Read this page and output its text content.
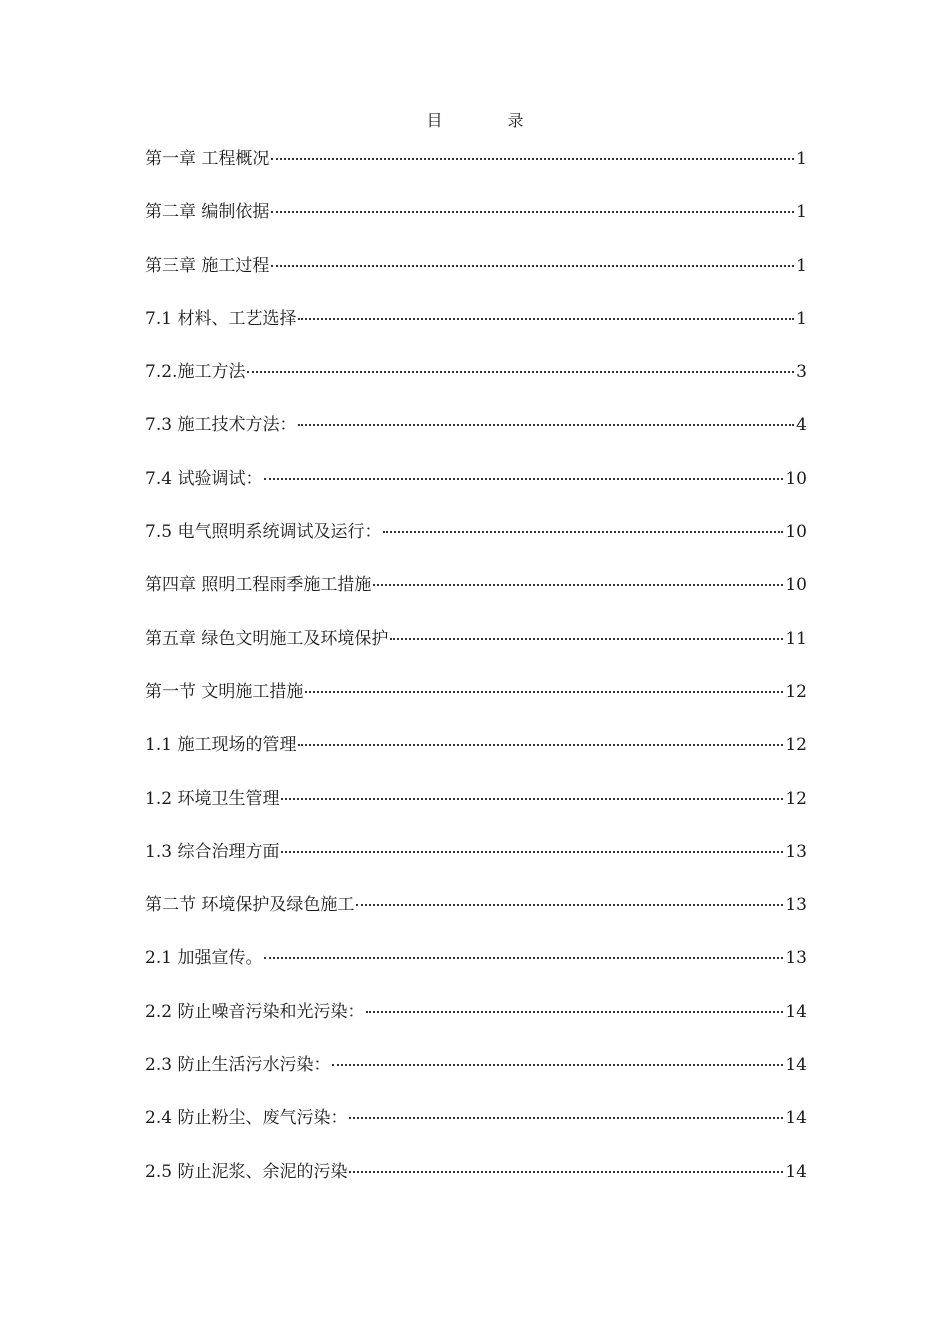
目 录
第一章 工程概况	1
第二章 编制依据	1
第三章 施工过程	1
7.1 材料、工艺选择	1
7.2.施工方法	3
7.3 施工技术方法：	4
7.4 试验调试：	10
7.5 电气照明系统调试及运行：	10
第四章 照明工程雨季施工措施	10
第五章 绿色文明施工及环境保护	11
第一节 文明施工措施	12
1.1 施工现场的管理	12
1.2 环境卫生管理	12
1.3 综合治理方面	13
第二节 环境保护及绿色施工	13
2.1 加强宣传。	13
2.2 防止噪音污染和光污染：	14
2.3 防止生活污水污染：	14
2.4 防止粉尘、废气污染：	14
2.5 防止泥浆、余泥的污染	14
